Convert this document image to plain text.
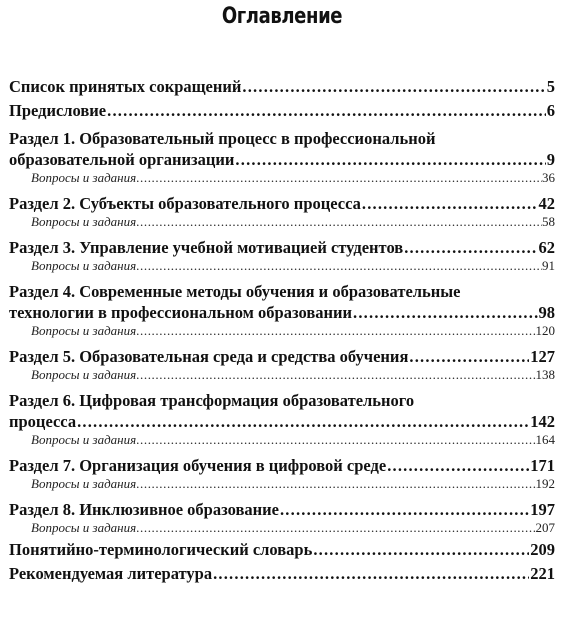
Оглавление
Список принятых сокращений .....	5
Предисловие .....	6
Раздел 1. Образовательный процесс в профессиональной
образовательной организации .....	9
Вопросы и задания .....	36
Раздел 2. Субъекты образовательного процесса .....	42
Вопросы и задания .....	58
Раздел 3. Управление учебной мотивацией студентов .....	62
Вопросы и задания .....	91
Раздел 4. Современные методы обучения и образовательные
технологии в профессиональном образовании .....	98
Вопросы и задания .....	120
Раздел 5. Образовательная среда и средства обучения .....	127
Вопросы и задания .....	138
Раздел 6. Цифровая трансформация образовательного
процесса .....	142
Вопросы и задания .....	164
Раздел 7. Организация обучения в цифровой среде .....	171
Вопросы и задания .....	192
Раздел 8. Инклюзивное образование .....	197
Вопросы и задания .....	207
Понятийно-терминологический словарь .....	209
Рекомендуемая литература .....	221
